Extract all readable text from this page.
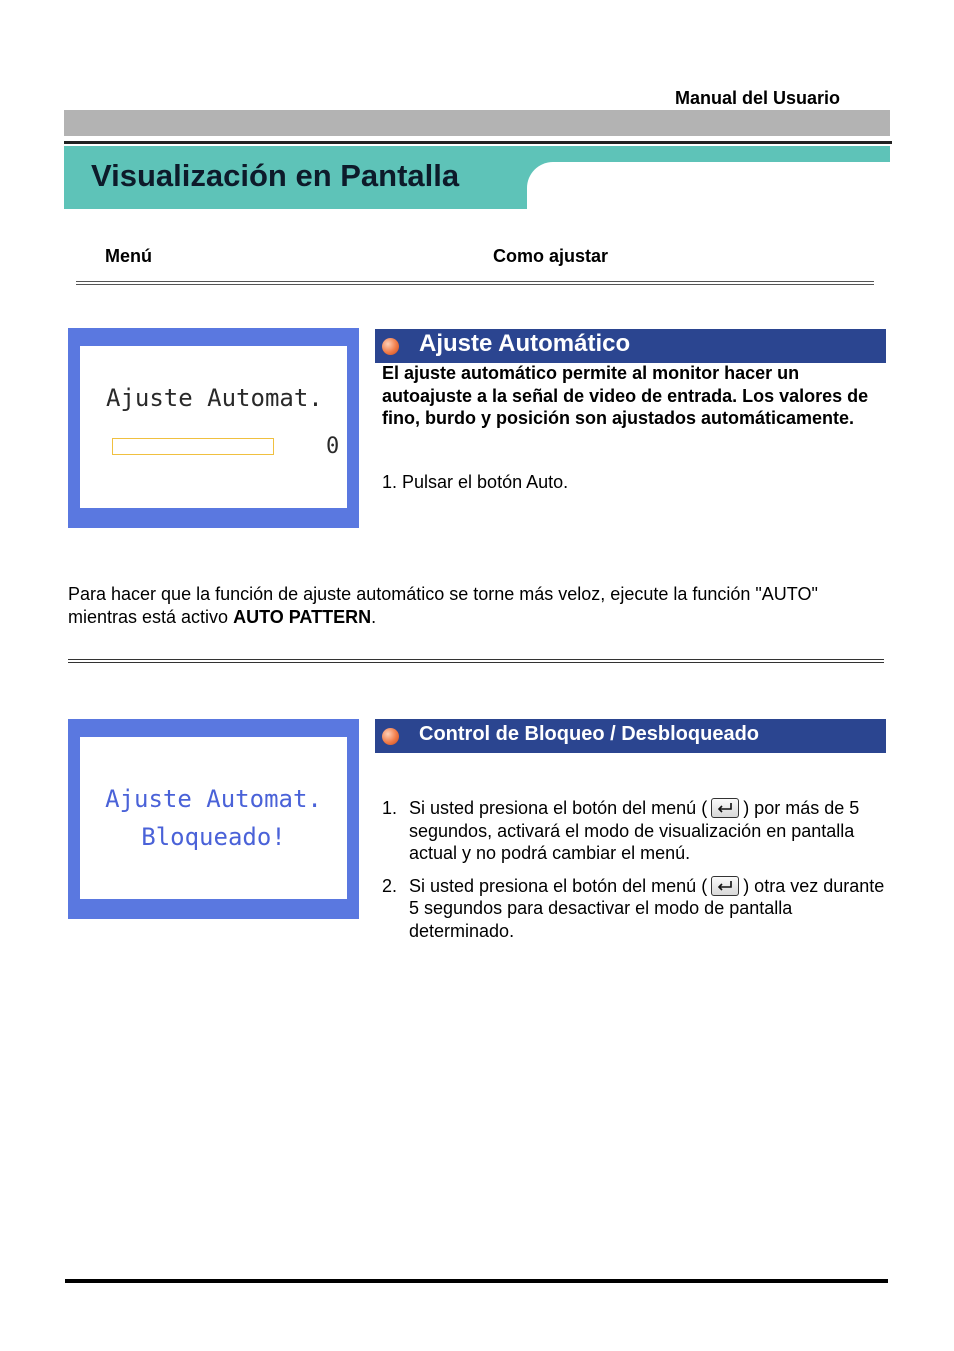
Manual del Usuario
Visualización en Pantalla
Menú	Como ajustar
Ajuste Automat.
0
Ajuste Automático
El ajuste automático permite al monitor hacer un autoajuste a la señal de video de entrada. Los valores de fino, burdo y posición son ajustados automáticamente.
1. Pulsar el botón Auto.
Para hacer que la función de ajuste automático se torne más veloz, ejecute la función "AUTO" mientras está activo AUTO PATTERN.
Ajuste Automat.
Bloqueado!
Control de Bloqueo / Desbloqueado
1. Si usted presiona el botón del menú ( ) por más de 5 segundos, activará el modo de visualización en pantalla actual y no podrá cambiar el menú.
2. Si usted presiona el botón del menú ( ) otra vez durante 5 segundos para desactivar el modo de pantalla determinado.
